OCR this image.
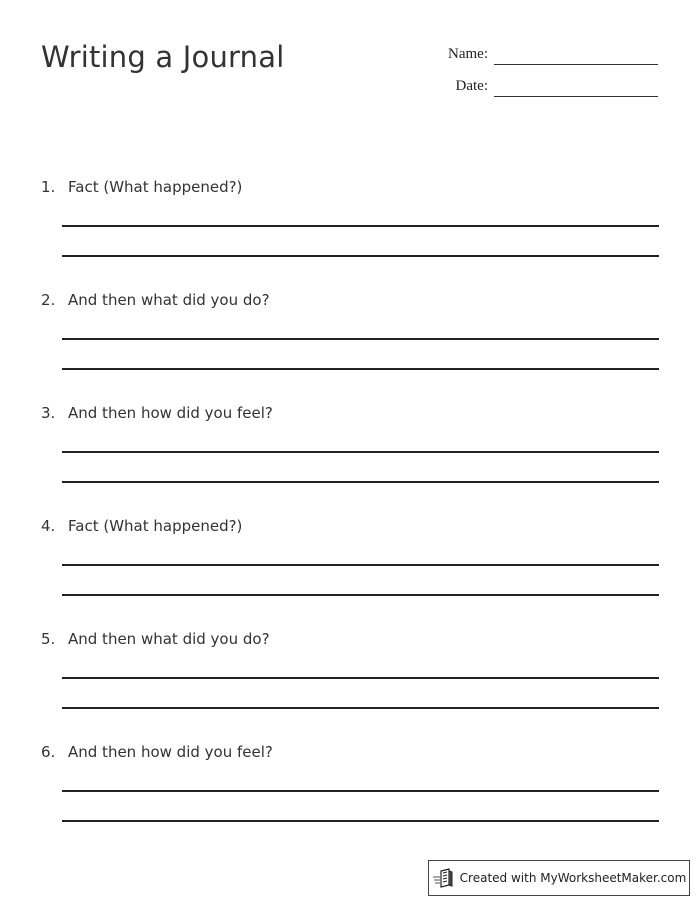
Writing a Journal	Name:
Date:
1. Fact (What happened?)
2. And then what did you do?
3. And then how did you feel?
4. Fact (What happened?)
5. And then what did you do?
6. And then how did you feel?
Created with MyWorksheetMaker.com
